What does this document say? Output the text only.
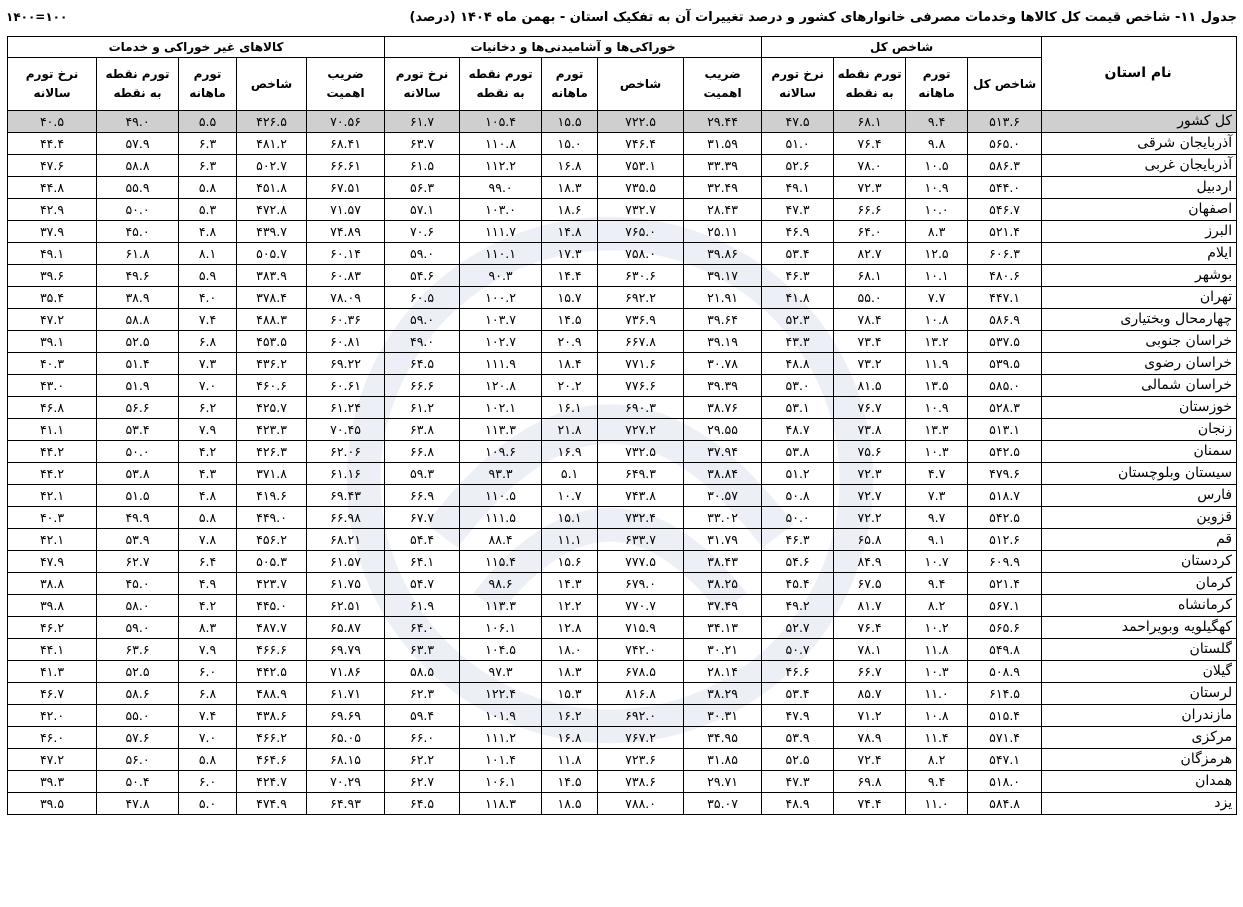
جدول ۱۱- شاخص قیمت کل کالاها وخدمات مصرفی خانوارهای کشور و درصد تغییرات آن به تفکیک استان - بهمن ماه ۱۴۰۴ (درصد)
۱۴۰۰=۱۰۰
نام استان	شاخص کل				خوراکی‌ها و آشامیدنی‌ها و دخانیات					کالاهای غیر خوراکی و خدمات				
	شاخص کل	تورم ماهانه	تورم نقطه به نقطه	نرخ تورم سالانه	ضریب اهمیت	شاخص	تورم ماهانه	تورم نقطه به نقطه	نرخ تورم سالانه	ضریب اهمیت	شاخص	تورم ماهانه	تورم نقطه به نقطه	نرخ تورم سالانه
کل کشور	۵۱۳.۶	۹.۴	۶۸.۱	۴۷.۵	۲۹.۴۴	۷۲۲.۵	۱۵.۵	۱۰۵.۴	۶۱.۷	۷۰.۵۶	۴۲۶.۵	۵.۵	۴۹.۰	۴۰.۵
آذربایجان شرقی	۵۶۵.۰	۹.۸	۷۶.۴	۵۱.۰	۳۱.۵۹	۷۴۶.۴	۱۵.۰	۱۱۰.۸	۶۳.۷	۶۸.۴۱	۴۸۱.۲	۶.۳	۵۷.۹	۴۴.۴
آذربایجان غربی	۵۸۶.۳	۱۰.۵	۷۸.۰	۵۲.۶	۳۳.۳۹	۷۵۳.۱	۱۶.۸	۱۱۲.۲	۶۱.۵	۶۶.۶۱	۵۰۲.۷	۶.۳	۵۸.۸	۴۷.۶
اردبیل	۵۴۴.۰	۱۰.۹	۷۲.۳	۴۹.۱	۳۲.۴۹	۷۳۵.۵	۱۸.۳	۹۹.۰	۵۶.۳	۶۷.۵۱	۴۵۱.۸	۵.۸	۵۵.۹	۴۴.۸
اصفهان	۵۴۶.۷	۱۰.۰	۶۶.۶	۴۷.۳	۲۸.۴۳	۷۳۲.۷	۱۸.۶	۱۰۳.۰	۵۷.۱	۷۱.۵۷	۴۷۲.۸	۵.۳	۵۰.۰	۴۲.۹
البرز	۵۲۱.۴	۸.۳	۶۴.۰	۴۶.۹	۲۵.۱۱	۷۶۵.۰	۱۴.۸	۱۱۱.۷	۷۰.۶	۷۴.۸۹	۴۳۹.۷	۴.۸	۴۵.۰	۳۷.۹
ایلام	۶۰۶.۳	۱۲.۵	۸۲.۷	۵۳.۴	۳۹.۸۶	۷۵۸.۰	۱۷.۳	۱۱۰.۱	۵۹.۰	۶۰.۱۴	۵۰۵.۷	۸.۱	۶۱.۸	۴۹.۱
بوشهر	۴۸۰.۶	۱۰.۱	۶۸.۱	۴۶.۳	۳۹.۱۷	۶۳۰.۶	۱۴.۴	۹۰.۳	۵۴.۶	۶۰.۸۳	۳۸۳.۹	۵.۹	۴۹.۶	۳۹.۶
تهران	۴۴۷.۱	۷.۷	۵۵.۰	۴۱.۸	۲۱.۹۱	۶۹۲.۲	۱۵.۷	۱۰۰.۲	۶۰.۵	۷۸.۰۹	۳۷۸.۴	۴.۰	۳۸.۹	۳۵.۴
چهارمحال وبختیاری	۵۸۶.۹	۱۰.۸	۷۸.۴	۵۲.۳	۳۹.۶۴	۷۳۶.۹	۱۴.۵	۱۰۳.۷	۵۹.۰	۶۰.۳۶	۴۸۸.۳	۷.۴	۵۸.۸	۴۷.۲
خراسان جنوبی	۵۳۷.۵	۱۳.۲	۷۳.۴	۴۳.۳	۳۹.۱۹	۶۶۷.۸	۲۰.۹	۱۰۲.۷	۴۹.۰	۶۰.۸۱	۴۵۳.۵	۶.۸	۵۲.۵	۳۹.۱
خراسان رضوی	۵۳۹.۵	۱۱.۹	۷۳.۲	۴۸.۸	۳۰.۷۸	۷۷۱.۶	۱۸.۴	۱۱۱.۹	۶۴.۵	۶۹.۲۲	۴۳۶.۲	۷.۳	۵۱.۴	۴۰.۳
خراسان شمالی	۵۸۵.۰	۱۳.۵	۸۱.۵	۵۳.۰	۳۹.۳۹	۷۷۶.۶	۲۰.۲	۱۲۰.۸	۶۶.۶	۶۰.۶۱	۴۶۰.۶	۷.۰	۵۱.۹	۴۳.۰
خوزستان	۵۲۸.۳	۱۰.۹	۷۶.۷	۵۳.۱	۳۸.۷۶	۶۹۰.۳	۱۶.۱	۱۰۲.۱	۶۱.۲	۶۱.۲۴	۴۲۵.۷	۶.۲	۵۶.۶	۴۶.۸
زنجان	۵۱۳.۱	۱۳.۳	۷۳.۸	۴۸.۷	۲۹.۵۵	۷۲۷.۲	۲۱.۸	۱۱۳.۳	۶۳.۸	۷۰.۴۵	۴۲۳.۳	۷.۹	۵۳.۴	۴۱.۱
سمنان	۵۴۲.۵	۱۰.۳	۷۵.۶	۵۳.۸	۳۷.۹۴	۷۳۲.۵	۱۶.۹	۱۰۹.۶	۶۶.۸	۶۲.۰۶	۴۲۶.۳	۴.۲	۵۰.۰	۴۴.۲
سیستان وبلوچستان	۴۷۹.۶	۴.۷	۷۲.۳	۵۱.۲	۳۸.۸۴	۶۴۹.۳	۵.۱	۹۳.۳	۵۹.۳	۶۱.۱۶	۳۷۱.۸	۴.۳	۵۳.۸	۴۴.۲
فارس	۵۱۸.۷	۷.۳	۷۲.۷	۵۰.۸	۳۰.۵۷	۷۴۳.۸	۱۰.۷	۱۱۰.۵	۶۶.۹	۶۹.۴۳	۴۱۹.۶	۴.۸	۵۱.۵	۴۲.۱
قزوین	۵۴۲.۵	۹.۷	۷۲.۲	۵۰.۰	۳۳.۰۲	۷۳۲.۴	۱۵.۱	۱۱۱.۵	۶۷.۷	۶۶.۹۸	۴۴۹.۰	۵.۸	۴۹.۹	۴۰.۳
قم	۵۱۲.۶	۹.۱	۶۵.۸	۴۶.۳	۳۱.۷۹	۶۳۳.۷	۱۱.۱	۸۸.۴	۵۴.۴	۶۸.۲۱	۴۵۶.۲	۷.۸	۵۳.۹	۴۲.۱
کردستان	۶۰۹.۹	۱۰.۷	۸۴.۹	۵۴.۶	۳۸.۴۳	۷۷۷.۵	۱۵.۶	۱۱۵.۴	۶۴.۱	۶۱.۵۷	۵۰۵.۳	۶.۴	۶۲.۷	۴۷.۹
کرمان	۵۲۱.۴	۹.۴	۶۷.۵	۴۵.۴	۳۸.۲۵	۶۷۹.۰	۱۴.۳	۹۸.۶	۵۴.۷	۶۱.۷۵	۴۲۳.۷	۴.۹	۴۵.۰	۳۸.۸
کرمانشاه	۵۶۷.۱	۸.۲	۸۱.۷	۴۹.۲	۳۷.۴۹	۷۷۰.۷	۱۲.۲	۱۱۳.۳	۶۱.۹	۶۲.۵۱	۴۴۵.۰	۴.۲	۵۸.۰	۳۹.۸
کهگیلویه وبویراحمد	۵۶۵.۶	۱۰.۲	۷۶.۴	۵۲.۷	۳۴.۱۳	۷۱۵.۹	۱۲.۸	۱۰۶.۱	۶۴.۰	۶۵.۸۷	۴۸۷.۷	۸.۳	۵۹.۰	۴۶.۲
گلستان	۵۴۹.۸	۱۱.۸	۷۸.۱	۵۰.۷	۳۰.۲۱	۷۴۲.۰	۱۸.۰	۱۰۴.۵	۶۳.۳	۶۹.۷۹	۴۶۶.۶	۷.۹	۶۳.۶	۴۴.۱
گیلان	۵۰۸.۹	۱۰.۳	۶۶.۷	۴۶.۶	۲۸.۱۴	۶۷۸.۵	۱۸.۳	۹۷.۳	۵۸.۵	۷۱.۸۶	۴۴۲.۵	۶.۰	۵۲.۵	۴۱.۳
لرستان	۶۱۴.۵	۱۱.۰	۸۵.۷	۵۳.۴	۳۸.۲۹	۸۱۶.۸	۱۵.۳	۱۲۲.۴	۶۲.۳	۶۱.۷۱	۴۸۸.۹	۶.۸	۵۸.۶	۴۶.۷
مازندران	۵۱۵.۴	۱۰.۸	۷۱.۲	۴۷.۹	۳۰.۳۱	۶۹۲.۰	۱۶.۲	۱۰۱.۹	۵۹.۴	۶۹.۶۹	۴۳۸.۶	۷.۴	۵۵.۰	۴۲.۰
مرکزی	۵۷۱.۴	۱۱.۴	۷۸.۹	۵۳.۹	۳۴.۹۵	۷۶۷.۲	۱۶.۸	۱۱۱.۲	۶۶.۰	۶۵.۰۵	۴۶۶.۲	۷.۰	۵۷.۶	۴۶.۰
هرمزگان	۵۴۷.۱	۸.۲	۷۲.۴	۵۲.۵	۳۱.۸۵	۷۲۳.۶	۱۱.۸	۱۰۱.۴	۶۲.۲	۶۸.۱۵	۴۶۴.۶	۵.۸	۵۶.۰	۴۷.۲
همدان	۵۱۸.۰	۹.۴	۶۹.۸	۴۷.۳	۲۹.۷۱	۷۳۸.۶	۱۴.۵	۱۰۶.۱	۶۲.۷	۷۰.۲۹	۴۲۴.۷	۶.۰	۵۰.۴	۳۹.۳
یزد	۵۸۴.۸	۱۱.۰	۷۴.۴	۴۸.۹	۳۵.۰۷	۷۸۸.۰	۱۸.۵	۱۱۸.۳	۶۴.۵	۶۴.۹۳	۴۷۴.۹	۵.۰	۴۷.۸	۳۹.۵
